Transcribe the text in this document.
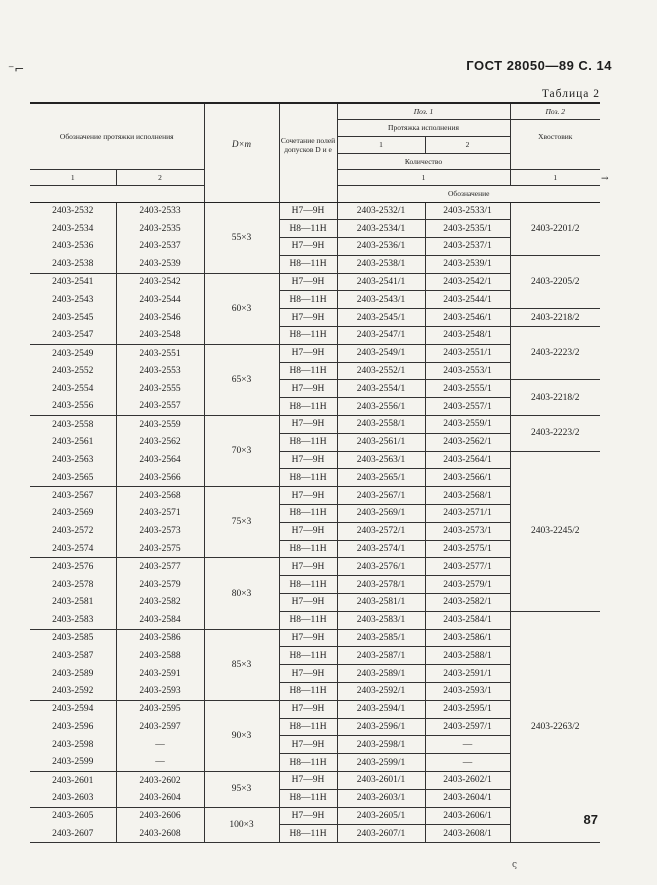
⁻⌐	ГОСТ 28050—89 С. 14
Таблица 2
Обозначение протяжки исполнения		D×m	Сочетание полей допусков D и e	Поз. 1		Поз. 2
				Протяжка исполнения		Хвостовик
				1	2	
				Количество		
1	2			1		1
				Обозначение		
2403-2532	2403-2533	55×3	Н7—9Н	2403-2532/1	2403-2533/1	2403-2201/2
2403-2534	2403-2535		Н8—11Н	2403-2534/1	2403-2535/1	
2403-2536	2403-2537		Н7—9Н	2403-2536/1	2403-2537/1	
2403-2538	2403-2539		Н8—11Н	2403-2538/1	2403-2539/1	2403-2205/2
2403-2541	2403-2542	60×3	Н7—9Н	2403-2541/1	2403-2542/1	
2403-2543	2403-2544		Н8—11Н	2403-2543/1	2403-2544/1	
2403-2545	2403-2546		Н7—9Н	2403-2545/1	2403-2546/1	2403-2218/2
2403-2547	2403-2548		Н8—11Н	2403-2547/1	2403-2548/1	2403-2223/2
2403-2549	2403-2551	65×3	Н7—9Н	2403-2549/1	2403-2551/1	
2403-2552	2403-2553		Н8—11Н	2403-2552/1	2403-2553/1	
2403-2554	2403-2555		Н7—9Н	2403-2554/1	2403-2555/1	2403-2218/2
2403-2556	2403-2557		Н8—11Н	2403-2556/1	2403-2557/1	
2403-2558	2403-2559	70×3	Н7—9Н	2403-2558/1	2403-2559/1	2403-2223/2
2403-2561	2403-2562		Н8—11Н	2403-2561/1	2403-2562/1	
2403-2563	2403-2564		Н7—9Н	2403-2563/1	2403-2564/1	2403-2245/2
2403-2565	2403-2566		Н8—11Н	2403-2565/1	2403-2566/1	
2403-2567	2403-2568	75×3	Н7—9Н	2403-2567/1	2403-2568/1	
2403-2569	2403-2571		Н8—11Н	2403-2569/1	2403-2571/1	
2403-2572	2403-2573		Н7—9Н	2403-2572/1	2403-2573/1	
2403-2574	2403-2575		Н8—11Н	2403-2574/1	2403-2575/1	
2403-2576	2403-2577	80×3	Н7—9Н	2403-2576/1	2403-2577/1	
2403-2578	2403-2579		Н8—11Н	2403-2578/1	2403-2579/1	
2403-2581	2403-2582		Н7—9Н	2403-2581/1	2403-2582/1	
2403-2583	2403-2584		Н8—11Н	2403-2583/1	2403-2584/1	2403-2263/2
2403-2585	2403-2586	85×3	Н7—9Н	2403-2585/1	2403-2586/1	
2403-2587	2403-2588		Н8—11Н	2403-2587/1	2403-2588/1	
2403-2589	2403-2591		Н7—9Н	2403-2589/1	2403-2591/1	
2403-2592	2403-2593		Н8—11Н	2403-2592/1	2403-2593/1	
2403-2594	2403-2595	90×3	Н7—9Н	2403-2594/1	2403-2595/1	
2403-2596	2403-2597		Н8—11Н	2403-2596/1	2403-2597/1	
2403-2598	—		Н7—9Н	2403-2598/1	—	
2403-2599	—		Н8—11Н	2403-2599/1	—	
2403-2601	2403-2602	95×3	Н7—9Н	2403-2601/1	2403-2602/1	
2403-2603	2403-2604		Н8—11Н	2403-2603/1	2403-2604/1	
2403-2605	2403-2606	100×3	Н7—9Н	2403-2605/1	2403-2606/1	
2403-2607	2403-2608		Н8—11Н	2403-2607/1	2403-2608/1	
→
87
ς
